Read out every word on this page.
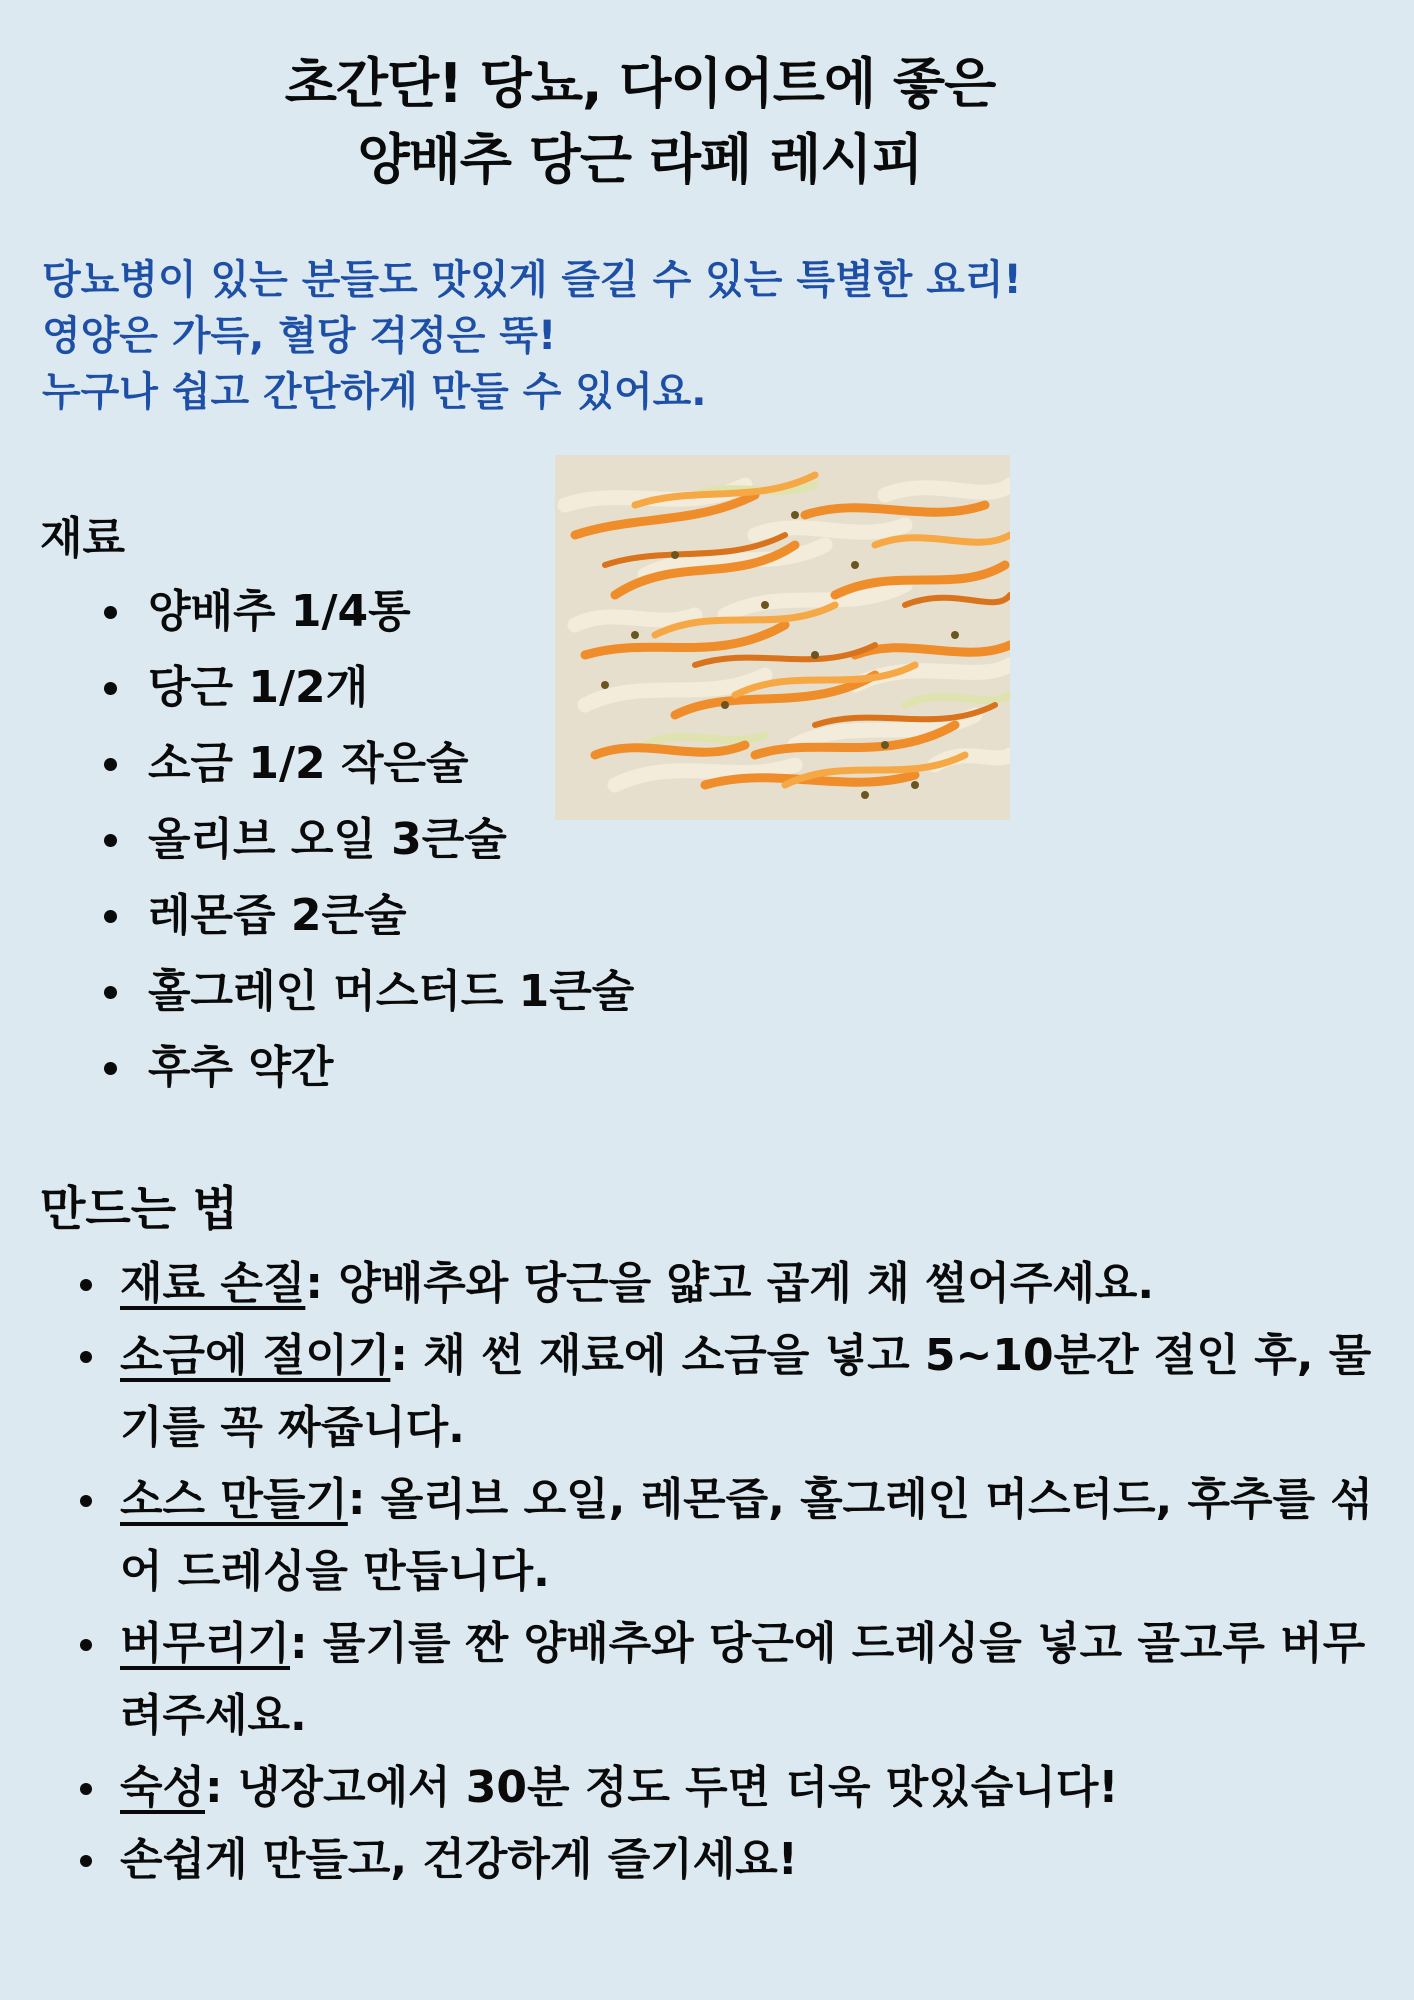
초간단! 당뇨, 다이어트에 좋은
양배추 당근 라페 레시피
당뇨병이 있는 분들도 맛있게 즐길 수 있는 특별한 요리!
영양은 가득, 혈당 걱정은 뚝!
누구나 쉽고 간단하게 만들 수 있어요.
재료
양배추 1/4통
당근 1/2개
소금 1/2 작은술
올리브 오일 3큰술
레몬즙 2큰술
홀그레인 머스터드 1큰술
후추 약간
만드는 법
재료 손질: 양배추와 당근을 얇고 곱게 채 썰어주세요.
소금에 절이기: 채 썬 재료에 소금을 넣고 5~10분간 절인 후, 물기를 꼭 짜줍니다.
소스 만들기: 올리브 오일, 레몬즙, 홀그레인 머스터드, 후추를 섞어 드레싱을 만듭니다.
버무리기: 물기를 짠 양배추와 당근에 드레싱을 넣고 골고루 버무려주세요.
숙성: 냉장고에서 30분 정도 두면 더욱 맛있습니다!
손쉽게 만들고, 건강하게 즐기세요!
